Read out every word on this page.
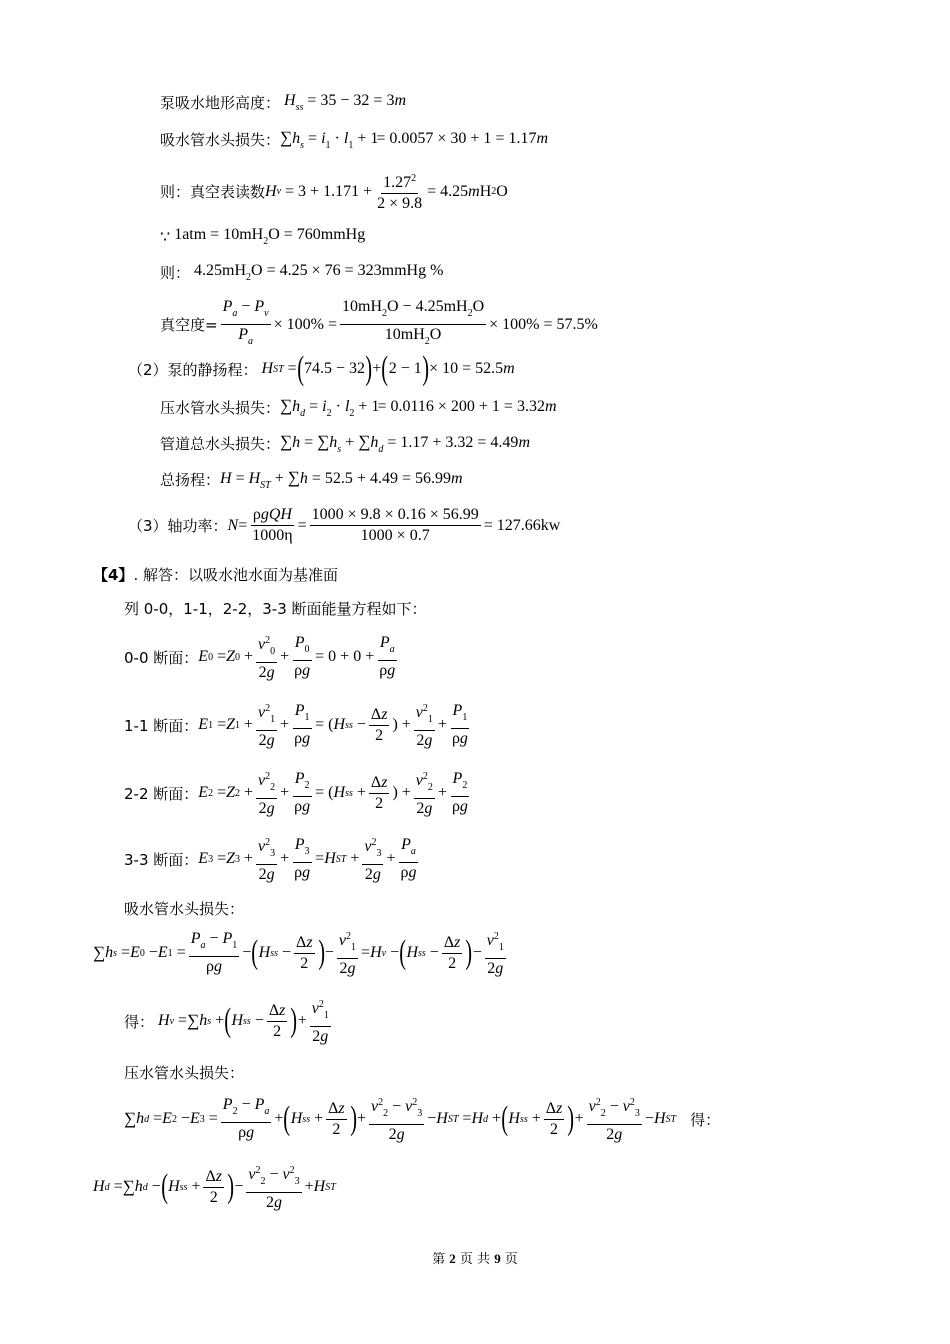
泵吸水地形高度： $H_{ss} = 35 - 32 = 3m$
吸水管水头损失： $\sum h_s = i_1 \cdot l_1 + 1 = 0.0057 \times 30 + 1 = 1.17m$
则：真空表读数 H v
= $3 + 1.171 + \frac{1.27^2}{2 \times 9.8} = 4.25$ m H 2 O
∵ $1atm = 10mH_2O$ = 760mmHg
则： $4.25mH_2O = 4.25 \times 76$ = 323mmHg %
真空度= $\frac{P_a - P_v}{P_a} \times 100\% = \frac{10mH_2O - 4.25mH_2O}{10mH_2O} \times 100\% = 57.5\%$
（2）泵的静扬程：
H ST = ( 74.5 − 32 ) + ( 2 − 1 ) × 10 = 52.5 m
压水管水头损失： $\sum h_d = i_2 \cdot l_2 + 1 = 0.0116 \times 200 + 1 = 3.32m$
管道总水头损失： $\sum h = \sum h_s + \sum h_d = 1.17 + 3.32 = 4.49m$
总扬程： $H = H_{ST} + \sum h = 52.5 + 4.49 = 56.99m$
（3）轴功率： $N = \frac{\text{ρgQH}}{1000\eta} = \frac{1000 \times 9.8 \times 0.16 \times 56.99}{1000 \times 0.7} = 127.66kw$
【4】 . 解答：以吸水池水面为基准面
列 0-0，1-1，2-2，3-3 断面能量方程如下：
0-0 断面： E 0 = Z $0 + \frac{v^2_0}{2g} + \frac{P_0}{\rho g} = 0 + 0 + \frac{P_a}{\rho g}$
1-1 断面： E 1 = Z $1 + \frac{v^2_1}{2g} + \frac{P_1}{\rho g}$ = ( H ss − $\frac{\Delta z}{2}$ ) + $\frac{v^2_1}{2g} + \frac{P_1}{\rho g}$
2-2 断面： E 2 = Z $2 + \frac{v^2_2}{2g} + \frac{P_2}{\rho g}$ = ( H ss + $\frac{\Delta z}{2}$ ) + $\frac{v^2_2}{2g} + \frac{P_2}{\rho g}$
3-3 断面： E 3 = Z $3 + \frac{v^2_3}{2g} + \frac{P_3}{\rho g} = H$ ST + $\frac{v^2_3}{2g} + \frac{P_a}{\rho g}$
吸水管水头损失：
∑ h s = E 0 − E $1 = \frac{P_a - P_1}{\rho g}$ − ( H ss − $\frac{\Delta z}{2}$ ) − $\frac{v^2_1}{2g} = H$ v − ( H ss − $\frac{\Delta z}{2}$ ) − $\frac{v^2_1}{2g}$
得：
H v = ∑ h s + ( H ss − $\frac{\Delta z}{2}$ ) + $\frac{v^2_1}{2g}$
压水管水头损失：
∑ h d = E 2 − E $3 = \frac{P_2 - P_a}{\rho g}$ + ( H ss + $\frac{\Delta z}{2}$ ) + $\frac{v^2_2 - v^2_3}{2g} - H$ ST = H d + ( H ss + $\frac{\Delta z}{2}$ ) + $\frac{v^2_2 - v^2_3}{2g} - H$ ST 得：
H d = ∑ h d − ( H ss + $\frac{\Delta z}{2}$ ) − $\frac{v^2_2 - v^2_3}{2g} + H$ ST
第 2 页 共 9 页
